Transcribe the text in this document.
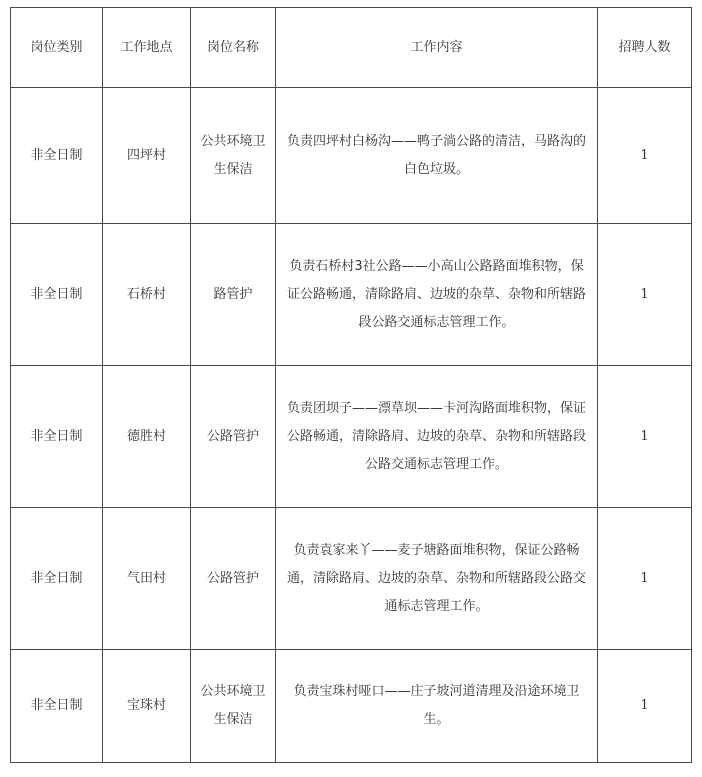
岗位类别	工作地点	岗位名称	工作内容	招聘人数
非全日制	四坪村	公共环境卫生保洁	负责四坪村白杨沟——鸭子淌公路的清洁，马路沟的白色垃圾。	1
非全日制	石桥村	路管护	负责石桥村3社公路——小高山公路路面堆积物，保证公路畅通，清除路肩、边坡的杂草、杂物和所辖路段公路交通标志管理工作。	1
非全日制	德胜村	公路管护	负责团坝子——漂草坝——卡河沟路面堆积物，保证公路畅通，清除路肩、边坡的杂草、杂物和所辖路段公路交通标志管理工作。	1
非全日制	气田村	公路管护	负责袁家来丫——麦子塘路面堆积物，保证公路畅通，清除路肩、边坡的杂草、杂物和所辖路段公路交通标志管理工作。	1
非全日制	宝珠村	公共环境卫生保洁	负责宝珠村哑口——庄子坡河道清理及沿途环境卫生。	1
